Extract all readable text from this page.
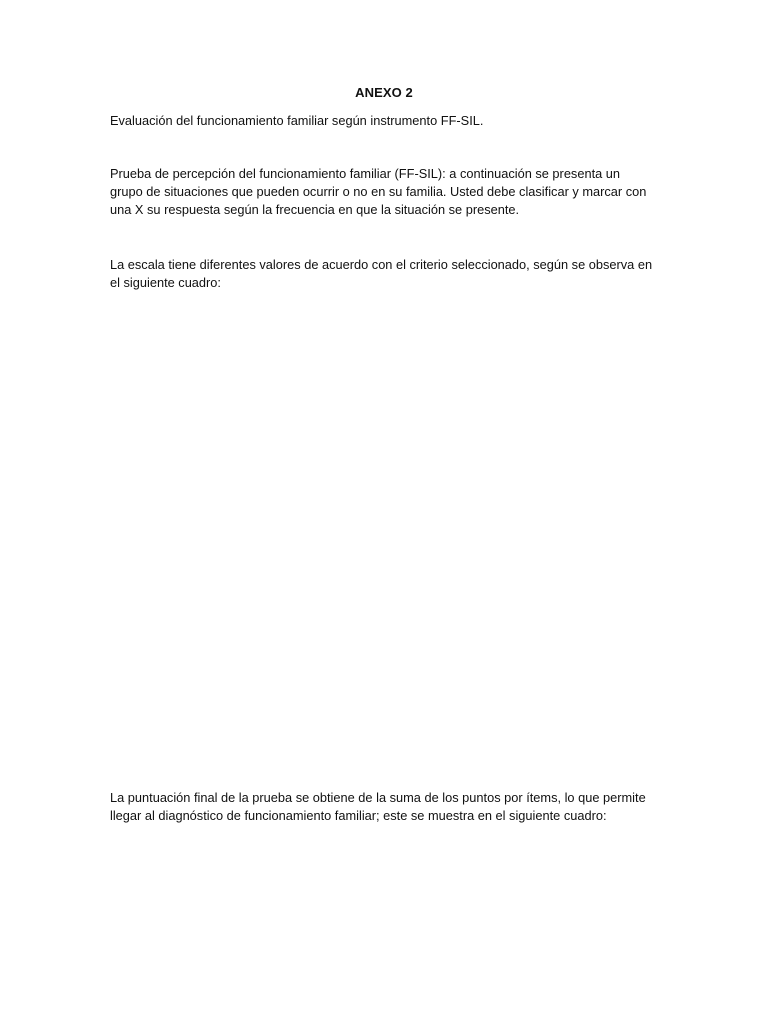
ANEXO 2

Evaluación del funcionamiento familiar según instrumento FF-SIL.

Prueba de percepción del funcionamiento familiar (FF-SIL): a continuación se presenta un
grupo de situaciones que pueden ocurrir o no en su familia. Usted debe clasificar y marcar con
una X su respuesta según la frecuencia en que la situación se presente.

La escala tiene diferentes valores de acuerdo con el criterio seleccionado, según se observa en
el siguiente cuadro:

La puntuación final de la prueba se obtiene de la suma de los puntos por ítems, lo que permite
llegar al diagnóstico de funcionamiento familiar; este se muestra en el siguiente cuadro:
